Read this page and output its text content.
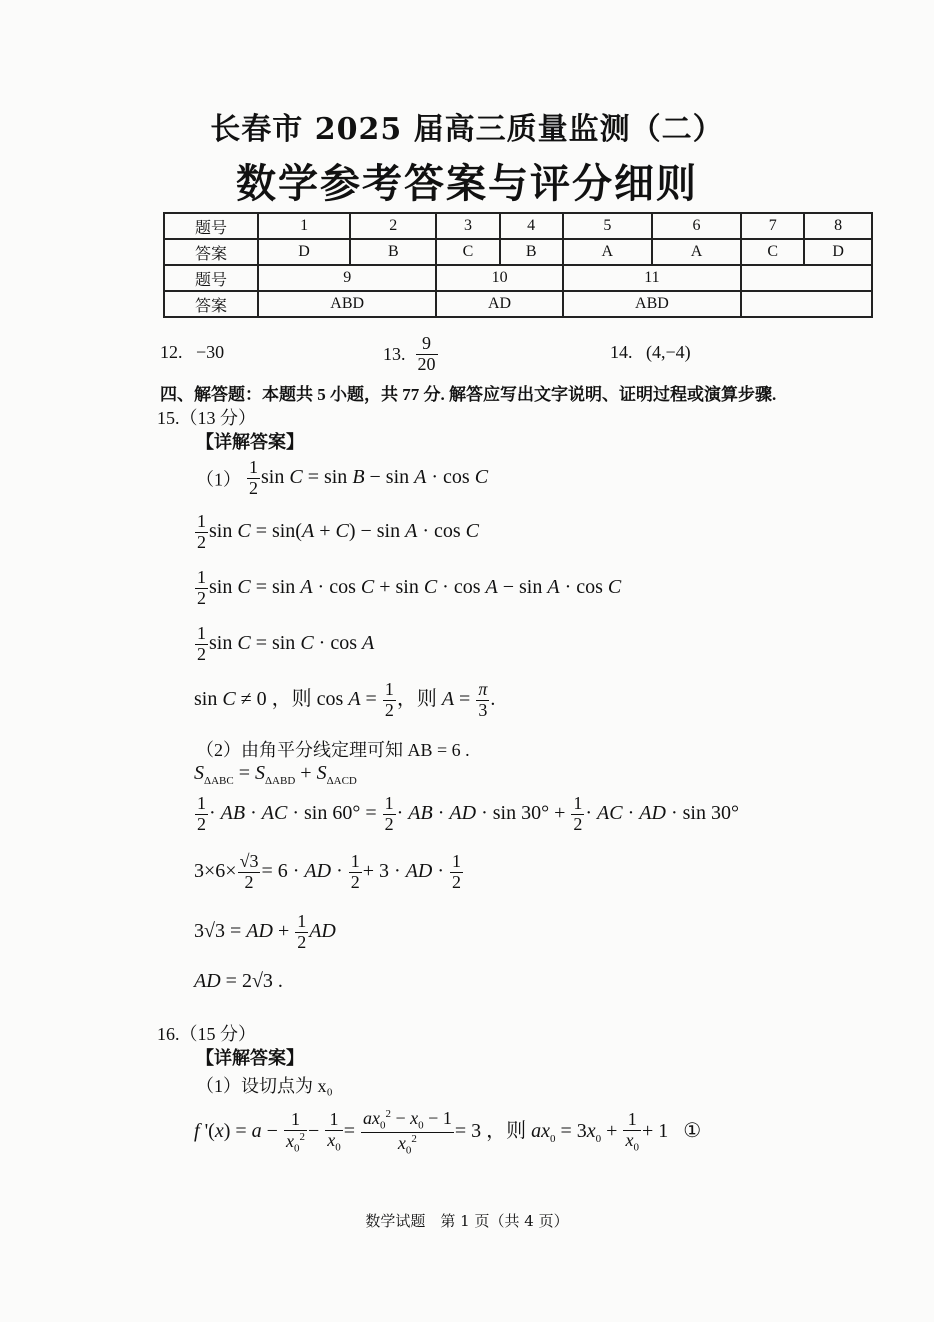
长春市 2025 届高三质量监测（二）
数学参考答案与评分细则
题号	1	2	3	4	5	6	7	8
答案	D	B	C	B	A	A	C	D
题号	9		10		11			
答案	ABD		AD		ABD			
12. −30	13. $\frac{9}{20}$	14. (4,−4)
四、解答题：本题共 5 小题，共 77 分. 解答应写出文字说明、证明过程或演算步骤.
15.（13 分）
【详解答案】
$(1) \frac{1}{2}$ sin C = sin B − sin A · cos C
$\frac{1}{2}$ sin C = sin(A + C) − sin A · cos C
$\frac{1}{2}$ sin C = sin A · cos C + sin C · cos A − sin A · cos C
$\frac{1}{2}$ sin C = sin C · cos A
sin C ≠ 0 ，则 $\cos A = \frac{1}{2}$ ，则 $A = \frac{\pi}{3}$ .
（2）由角平分线定理可知 AB = 6 .
$S_{\Delta ABC} = S_{\Delta ABD} + S_{\Delta ACD}$
$\frac{1}{2}$ · AB · AC · $\sin 60^\circ = \frac{1}{2}$ · AB · AD · $\sin 30^\circ + \frac{1}{2}$ · AC · AD · sin 30°
$3\times 6\times \frac{√3}{2} = 6$ · AD · $\frac{1}{2} + 3$ · AD · $\frac{1}{2}$
3√3 = AD + $\frac{1}{2}$ AD
AD = 2√3 .
16.（15 分）
【详解答案】
（1）设切点为 x₀
f '$(x) = a - \frac{1}{x_0^2} - \frac{1}{x_0} = \frac{ax_0^2 - x_0 - 1}{x_0^2} = 3$ ，则 $ax_0 = 3x_0 + \frac{1}{x_0} + 1$   ①
数学试题　第 1 页（共 4 页）
